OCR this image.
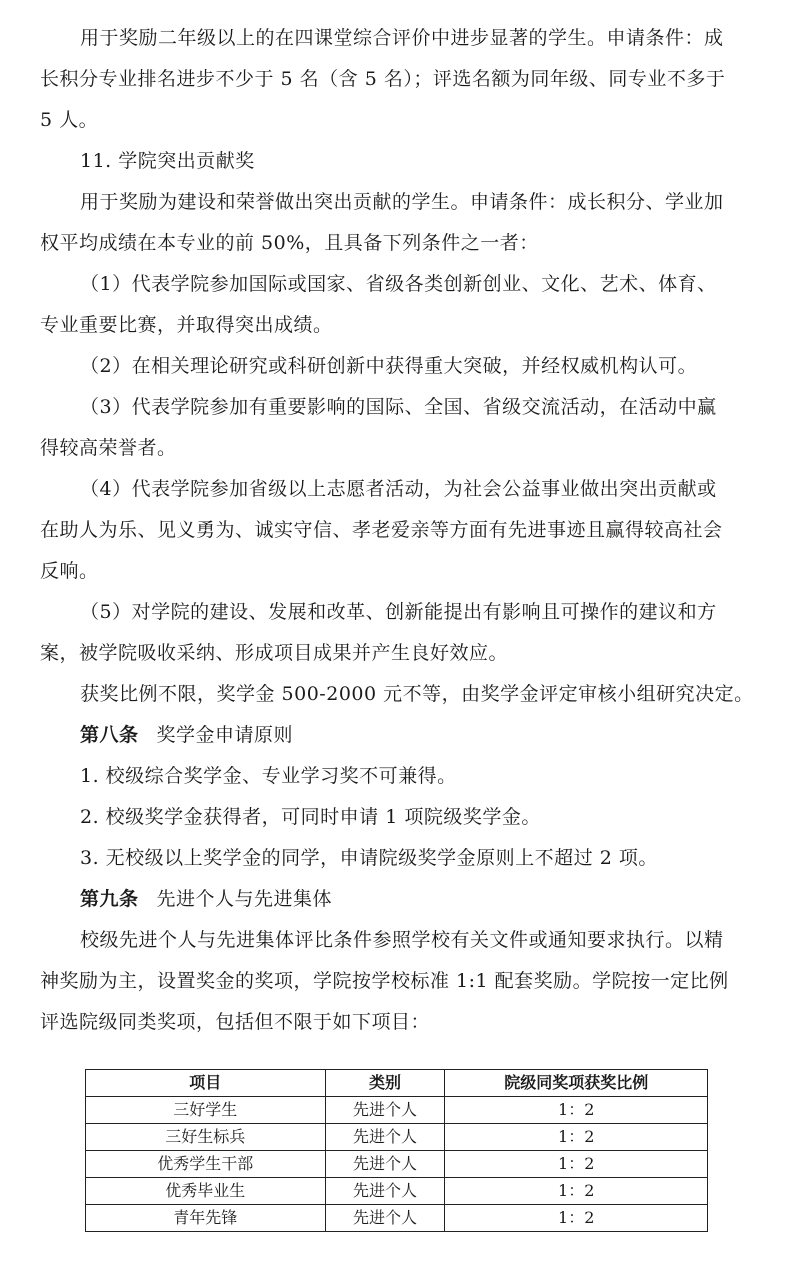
用于奖励二年级以上的在四课堂综合评价中进步显著的学生。申请条件：成
长积分专业排名进步不少于 5 名（含 5 名）；评选名额为同年级、同专业不多于
5 人。
11. 学院突出贡献奖
用于奖励为建设和荣誉做出突出贡献的学生。申请条件：成长积分、学业加
权平均成绩在本专业的前 50%，且具备下列条件之一者：
（1）代表学院参加国际或国家、省级各类创新创业、文化、艺术、体育、
专业重要比赛，并取得突出成绩。
（2）在相关理论研究或科研创新中获得重大突破，并经权威机构认可。
（3）代表学院参加有重要影响的国际、全国、省级交流活动，在活动中赢
得较高荣誉者。
（4）代表学院参加省级以上志愿者活动，为社会公益事业做出突出贡献或
在助人为乐、见义勇为、诚实守信、孝老爱亲等方面有先进事迹且赢得较高社会
反响。
（5）对学院的建设、发展和改革、创新能提出有影响且可操作的建议和方
案，被学院吸收采纳、形成项目成果并产生良好效应。
获奖比例不限，奖学金 500-2000 元不等，由奖学金评定审核小组研究决定。
第八条 奖学金申请原则
1. 校级综合奖学金、专业学习奖不可兼得。
2. 校级奖学金获得者，可同时申请 1 项院级奖学金。
3. 无校级以上奖学金的同学，申请院级奖学金原则上不超过 2 项。
第九条 先进个人与先进集体
校级先进个人与先进集体评比条件参照学校有关文件或通知要求执行。以精
神奖励为主，设置奖金的奖项，学院按学校标准 1:1 配套奖励。学院按一定比例
评选院级同类奖项，包括但不限于如下项目：
项目	类别	院级同奖项获奖比例
三好学生	先进个人	1：2
三好生标兵	先进个人	1：2
优秀学生干部	先进个人	1：2
优秀毕业生	先进个人	1：2
青年先锋	先进个人	1：2
